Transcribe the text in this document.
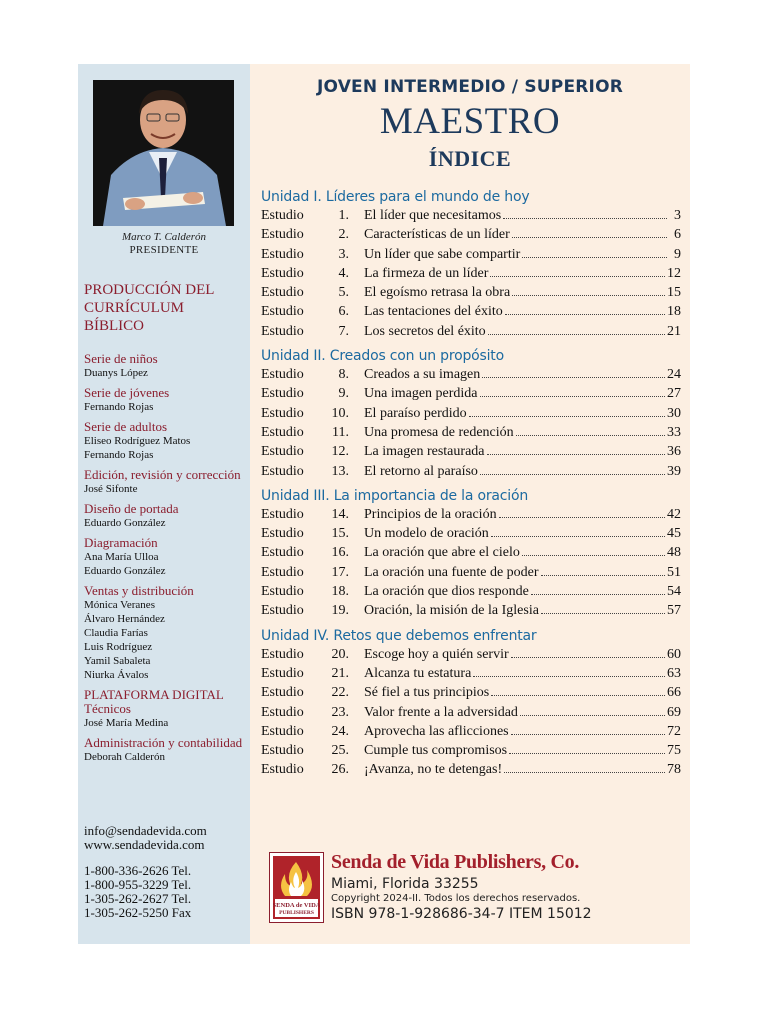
Marco T. Calderón
PRESIDENTE
PRODUCCIÓN DEL CURRÍCULUM BÍBLICO
Serie de niños
Duanys López
Serie de jóvenes
Fernando Rojas
Serie de adultos
Eliseo Rodríguez Matos
Fernando Rojas
Edición, revisión y corrección
José Sifonte
Diseño de portada
Eduardo González
Diagramación
Ana María Ulloa
Eduardo González
Ventas y distribución
Mónica Veranes
Álvaro Hernández
Claudia Farías
Luis Rodríguez
Yamil Sabaleta
Niurka Ávalos
PLATAFORMA DIGITAL Técnicos
José María Medina
Administración y contabilidad
Deborah Calderón
info@sendadevida.com
www.sendadevida.com
1-800-336-2626 Tel.
1-800-955-3229 Tel.
1-305-262-2627 Tel.
1-305-262-5250 Fax
JOVEN INTERMEDIO / SUPERIOR
MAESTRO
ÍNDICE
Unidad I. Líderes para el mundo de hoy
Estudio	1.	El líder que necesitamos	3
Estudio	2.	Características de un líder	6
Estudio	3.	Un líder que sabe compartir	9
Estudio	4.	La firmeza de un líder	12
Estudio	5.	El egoísmo retrasa la obra	15
Estudio	6.	Las tentaciones del éxito	18
Estudio	7.	Los secretos del éxito	21
Unidad II. Creados con un propósito
Estudio	8.	Creados a su imagen	24
Estudio	9.	Una imagen perdida	27
Estudio	10.	El paraíso perdido	30
Estudio	11.	Una promesa de redención	33
Estudio	12.	La imagen restaurada	36
Estudio	13.	El retorno al paraíso	39
Unidad III. La importancia de la oración
Estudio	14.	Principios de la oración	42
Estudio	15.	Un modelo de oración	45
Estudio	16.	La oración que abre el cielo	48
Estudio	17.	La oración una fuente de poder	51
Estudio	18.	La oración que dios responde	54
Estudio	19.	Oración, la misión de la Iglesia	57
Unidad IV. Retos que debemos enfrentar
Estudio	20.	Escoge hoy a quién servir	60
Estudio	21.	Alcanza tu estatura	63
Estudio	22.	Sé fiel a tus principios	66
Estudio	23.	Valor frente a la adversidad	69
Estudio	24.	Aprovecha las aflicciones	72
Estudio	25.	Cumple tus compromisos	75
Estudio	26.	¡Avanza, no te detengas!	78
SENDA de VIDA
PUBLISHERS
Senda de Vida Publishers, Co.
Miami, Florida 33255
Copyright 2024-II. Todos los derechos reservados.
ISBN 978-1-928686-34-7 ITEM 15012
